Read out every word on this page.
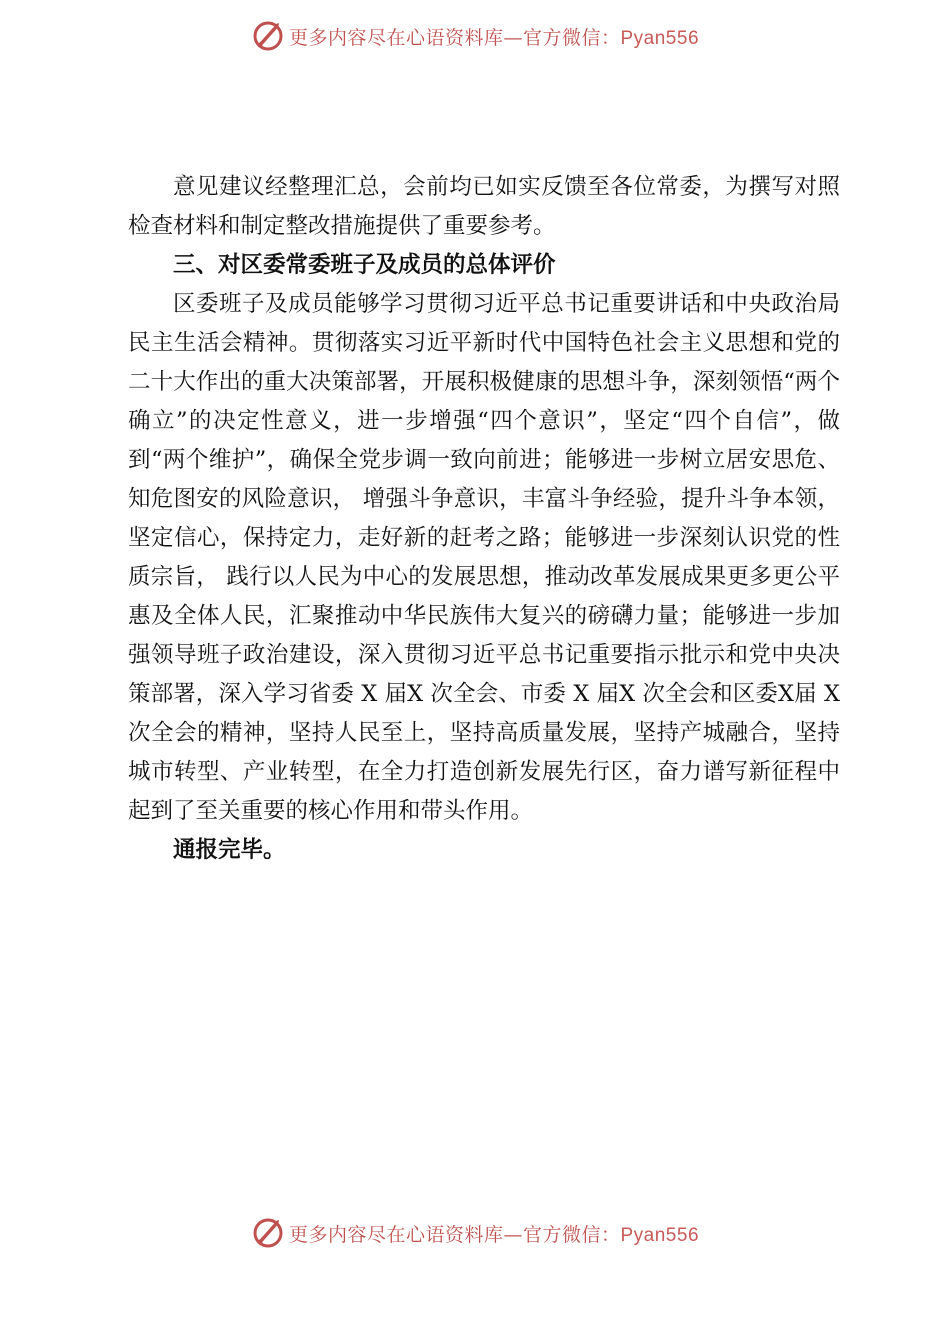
更多内容尽在心语资料库—官方微信：Pyan556

意见建议经整理汇总，会前均已如实反馈至各位常委，为撰写对照检查材料和制定整改措施提供了重要参考。

三、对区委常委班子及成员的总体评价

区委班子及成员能够学习贯彻习近平总书记重要讲话和中央政治局民主生活会精神。贯彻落实习近平新时代中国特色社会主义思想和党的二十大作出的重大决策部署，开展积极健康的思想斗争，深刻领悟“两个确立”的决定性意义，进一步增强“四个意识”，坚定“四个自信”，做到“两个维护”，确保全党步调一致向前进；能够进一步树立居安思危、知危图安的风险意识， 增强斗争意识，丰富斗争经验，提升斗争本领，坚定信心，保持定力，走好新的赶考之路；能够进一步深刻认识党的性质宗旨， 践行以人民为中心的发展思想，推动改革发展成果更多更公平惠及全体人民，汇聚推动中华民族伟大复兴的磅礴力量；能够进一步加强领导班子政治建设，深入贯彻习近平总书记重要指示批示和党中央决策部署，深入学习省委 X 届X 次全会、市委 X 届X 次全会和区委X届 X 次全会的精神，坚持人民至上，坚持高质量发展，坚持产城融合，坚持城市转型、产业转型，在全力打造创新发展先行区，奋力谱写新征程中起到了至关重要的核心作用和带头作用。

通报完毕。

更多内容尽在心语资料库—官方微信：Pyan556
